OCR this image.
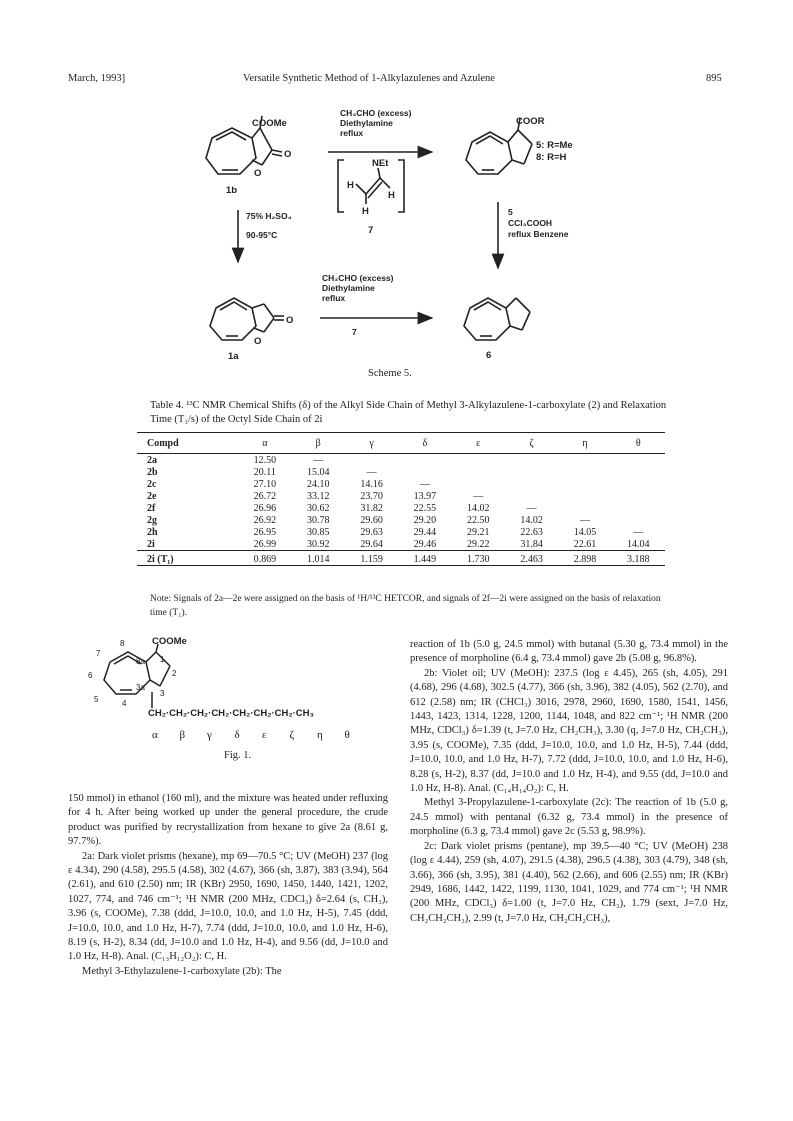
March, 1993]	Versatile Synthetic Method of 1-Alkylazulenes and Azulene	895
COOMe
O
O
1b
COOR
5: R=Me
8: R=H
O
O
1a	6
NEt
H
H
H
7
CH₃CHO (excess)
Diethylamine
reflux
75% H₂SO₄
90-95°C
5
CCl₃COOH
reflux Benzene
CH₃CHO (excess)
Diethylamine
reflux
7
Scheme 5.
Table 4. ¹³C NMR Chemical Shifts (δ) of the Alkyl Side Chain of Methyl 3-Alkylazulene-1-carboxylate (2) and Relaxation Time (T₁/s) of the Octyl Side Chain of 2i
Compd	α	β	γ	δ	ε	ζ	η	θ
2a	12.50	—						
2b	20.11	15.04	—					
2c	27.10	24.10	14.16	—				
2e	26.72	33.12	23.70	13.97	—			
2f	26.96	30.62	31.82	22.55	14.02	—		
2g	26.92	30.78	29.60	29.20	22.50	14.02	—	
2h	26.95	30.85	29.63	29.44	29.21	22.63	14.05	—
2i	26.99	30.92	29.64	29.46	29.22	31.84	22.61	14.04
2i (T₁)	0.869	1.014	1.159	1.449	1.730	2.463	2.898	3.188
Note: Signals of 2a—2e were assigned on the basis of ¹H/¹³C HETCOR, and signals of 2f—2i were assigned on the basis of relaxation time (T₁).
COOMe
CH₂·CH₂·CH₂·CH₂·CH₂·CH₂·CH₂·CH₃
1
2
3
3a
4
5
6
7
8
8a
α β γ δ ε ζ η θ
Fig. 1.

150 mmol) in ethanol (160 ml), and the mixture was heated under refluxing for 4 h. After being worked up under the general procedure, the crude product was purified by recrystallization from hexane to give 2a (8.61 g, 97.7%).

2a: Dark violet prisms (hexane), mp 69—70.5 °C; UV (MeOH) 237 (log ε 4.34), 290 (4.58), 295.5 (4.58), 302 (4.67), 366 (sh, 3.87), 383 (3.94), 564 (2.61), and 610 (2.50) nm; IR (KBr) 2950, 1690, 1450, 1440, 1421, 1202, 1027, 774, and 746 cm⁻¹; ¹H NMR (200 MHz, CDCl₃) δ=2.64 (s, CH₃), 3.96 (s, COOMe), 7.38 (ddd, J=10.0, 10.0, and 1.0 Hz, H-5), 7.45 (ddd, J=10.0, 10.0, and 1.0 Hz, H-7), 7.74 (ddd, J=10.0, 10.0, and 1.0 Hz, H-6), 8.19 (s, H-2), 8.34 (dd, J=10.0 and 1.0 Hz, H-4), and 9.56 (dd, J=10.0 and 1.0 Hz, H-8). Anal. (C₁₃H₁₂O₂): C, H.

Methyl 3-Ethylazulene-1-carboxylate (2b): The

reaction of 1b (5.0 g, 24.5 mmol) with butanal (5.30 g, 73.4 mmol) in the presence of morpholine (6.4 g, 73.4 mmol) gave 2b (5.08 g, 96.8%).

2b: Violet oil; UV (MeOH): 237.5 (log ε 4.45), 265 (sh, 4.05), 291 (4.68), 296 (4.68), 302.5 (4.77), 366 (sh, 3.96), 382 (4.05), 562 (2.70), and 612 (2.58) nm; IR (CHCl₃) 3016, 2978, 2960, 1690, 1580, 1541, 1456, 1443, 1423, 1314, 1228, 1200, 1144, 1048, and 822 cm⁻¹; ¹H NMR (200 MHz, CDCl₃) δ=1.39 (t, J=7.0 Hz, CH₂CH₃), 3.30 (q, J=7.0 Hz, CH₂CH₃), 3.95 (s, COOMe), 7.35 (ddd, J=10.0, 10.0, and 1.0 Hz, H-5), 7.44 (ddd, J=10.0, 10.0, and 1.0 Hz, H-7), 7.72 (ddd, J=10.0, 10.0, and 1.0 Hz, H-6), 8.28 (s, H-2), 8.37 (dd, J=10.0 and 1.0 Hz, H-4), and 9.55 (dd, J=10.0 and 1.0 Hz, H-8). Anal. (C₁₄H₁₄O₂): C, H.

Methyl 3-Propylazulene-1-carboxylate (2c): The reaction of 1b (5.0 g, 24.5 mmol) with pentanal (6.32 g, 73.4 mmol) in the presence of morpholine (6.3 g, 73.4 mmol) gave 2c (5.53 g, 98.9%).

2c: Dark violet prisms (pentane), mp 39.5—40 °C; UV (MeOH) 238 (log ε 4.44), 259 (sh, 4.07), 291.5 (4.38), 296.5 (4.38), 303 (4.79), 348 (sh, 3.66), 366 (sh, 3.95), 381 (4.40), 562 (2.66), and 606 (2.55) nm; IR (KBr) 2949, 1686, 1442, 1422, 1199, 1130, 1041, 1029, and 774 cm⁻¹; ¹H NMR (200 MHz, CDCl₃) δ=1.00 (t, J=7.0 Hz, CH₃), 1.79 (sext, J=7.0 Hz, CH₂CH₂CH₃), 2.99 (t, J=7.0 Hz, CH₂CH₂CH₃),
